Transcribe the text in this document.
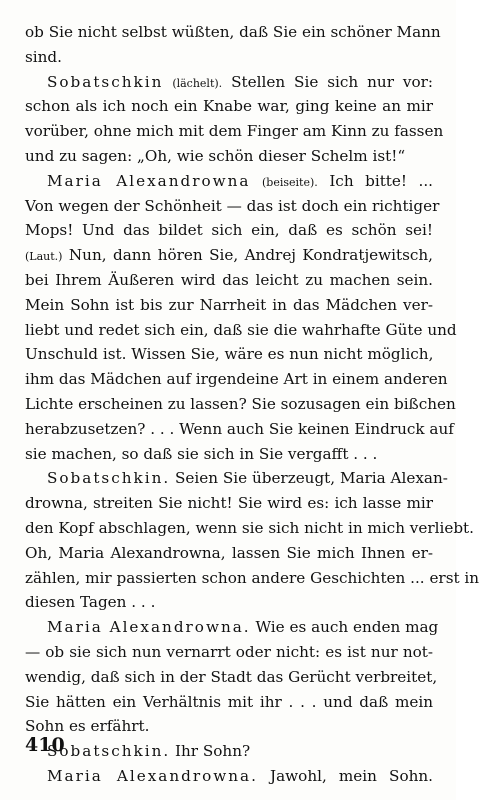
ob Sie nicht selbst wüßten, daß Sie ein schöner Mann
sind.
Sobatschkin (lächelt). Stellen Sie sich nur vor:
schon als ich noch ein Knabe war, ging keine an mir
vorüber, ohne mich mit dem Finger am Kinn zu fassen
und zu sagen: „Oh, wie schön dieser Schelm ist!“
Maria Alexandrowna (beiseite). Ich bitte! ...
Von wegen der Schönheit — das ist doch ein richtiger
Mops! Und das bildet sich ein, daß es schön sei!
(Laut.) Nun, dann hören Sie, Andrej Kondratjewitsch,
bei Ihrem Äußeren wird das leicht zu machen sein.
Mein Sohn ist bis zur Narrheit in das Mädchen ver-
liebt und redet sich ein, daß sie die wahrhafte Güte und
Unschuld ist. Wissen Sie, wäre es nun nicht möglich,
ihm das Mädchen auf irgendeine Art in einem anderen
Lichte erscheinen zu lassen? Sie sozusagen ein bißchen
herabzusetzen? . . . Wenn auch Sie keinen Eindruck auf
sie machen, so daß sie sich in Sie vergafft . . .
Sobatschkin. Seien Sie überzeugt, Maria Alexan-
drowna, streiten Sie nicht! Sie wird es: ich lasse mir
den Kopf abschlagen, wenn sie sich nicht in mich verliebt.
Oh, Maria Alexandrowna, lassen Sie mich Ihnen er-
zählen, mir passierten schon andere Geschichten ... erst in
diesen Tagen . . .
Maria Alexandrowna. Wie es auch enden mag
— ob sie sich nun vernarrt oder nicht: es ist nur not-
wendig, daß sich in der Stadt das Gerücht verbreitet,
Sie hätten ein Verhältnis mit ihr . . . und daß mein
Sohn es erfährt.
Sobatschkin. Ihr Sohn?
Maria Alexandrowna. Jawohl, mein Sohn.
410
